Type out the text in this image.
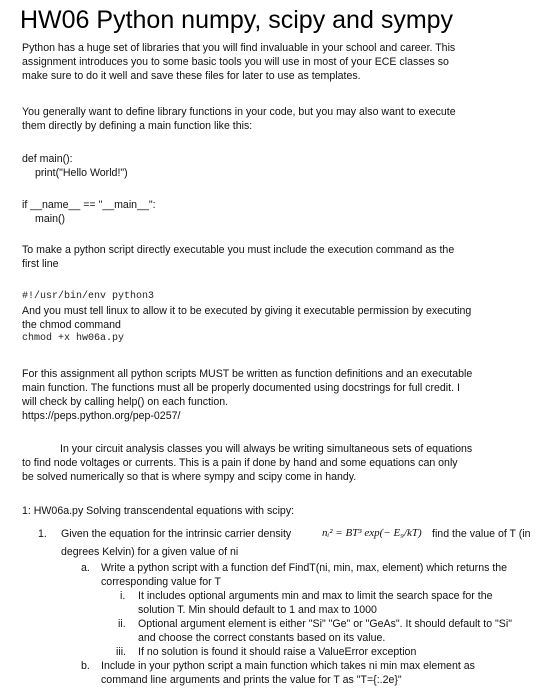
HW06 Python numpy, scipy and sympy
Python has a huge set of libraries that you will find invaluable in your school and career. This
assignment introduces you to some basic tools you will use in most of your ECE classes so
make sure to do it well and save these files for later to use as templates.
You generally want to define library functions in your code, but you may also want to execute
them directly by defining a main function like this:
def main():
print("Hello World!")
if __name__ == "__main__":
main()
To make a python script directly executable you must include the execution command as the
first line
#!/usr/bin/env python3
And you must tell linux to allow it to be executed by giving it executable permission by executing
the chmod command
chmod +x hw06a.py
For this assignment all python scripts MUST be written as function definitions and an executable
main function. The functions must all be properly documented using docstrings for full credit. I
will check by calling help() on each function.
https://peps.python.org/pep-0257/
In your circuit analysis classes you will always be writing simultaneous sets of equations
to find node voltages or currents. This is a pain if done by hand and some equations can only
be solved numerically so that is where sympy and scipy come in handy.
1: HW06a.py Solving transcendental equations with scipy:
1. Given the equation for the intrinsic carrier density	nᵢ² = BT³ exp(− E₉/kT) find the value of T (in
degrees Kelvin) for a given value of ni
a. Write a python script with a function def FindT(ni, min, max, element) which returns the
corresponding value for T
i. It includes optional arguments min and max to limit the search space for the
solution T. Min should default to 1 and max to 1000
ii. Optional argument element is either "Si" "Ge" or "GeAs". It should default to "Si"
and choose the correct constants based on its value.
iii. If no solution is found it should raise a ValueError exception
b. Include in your python script a main function which takes ni min max element as
command line arguments and prints the value for T as "T={:.2e}"
